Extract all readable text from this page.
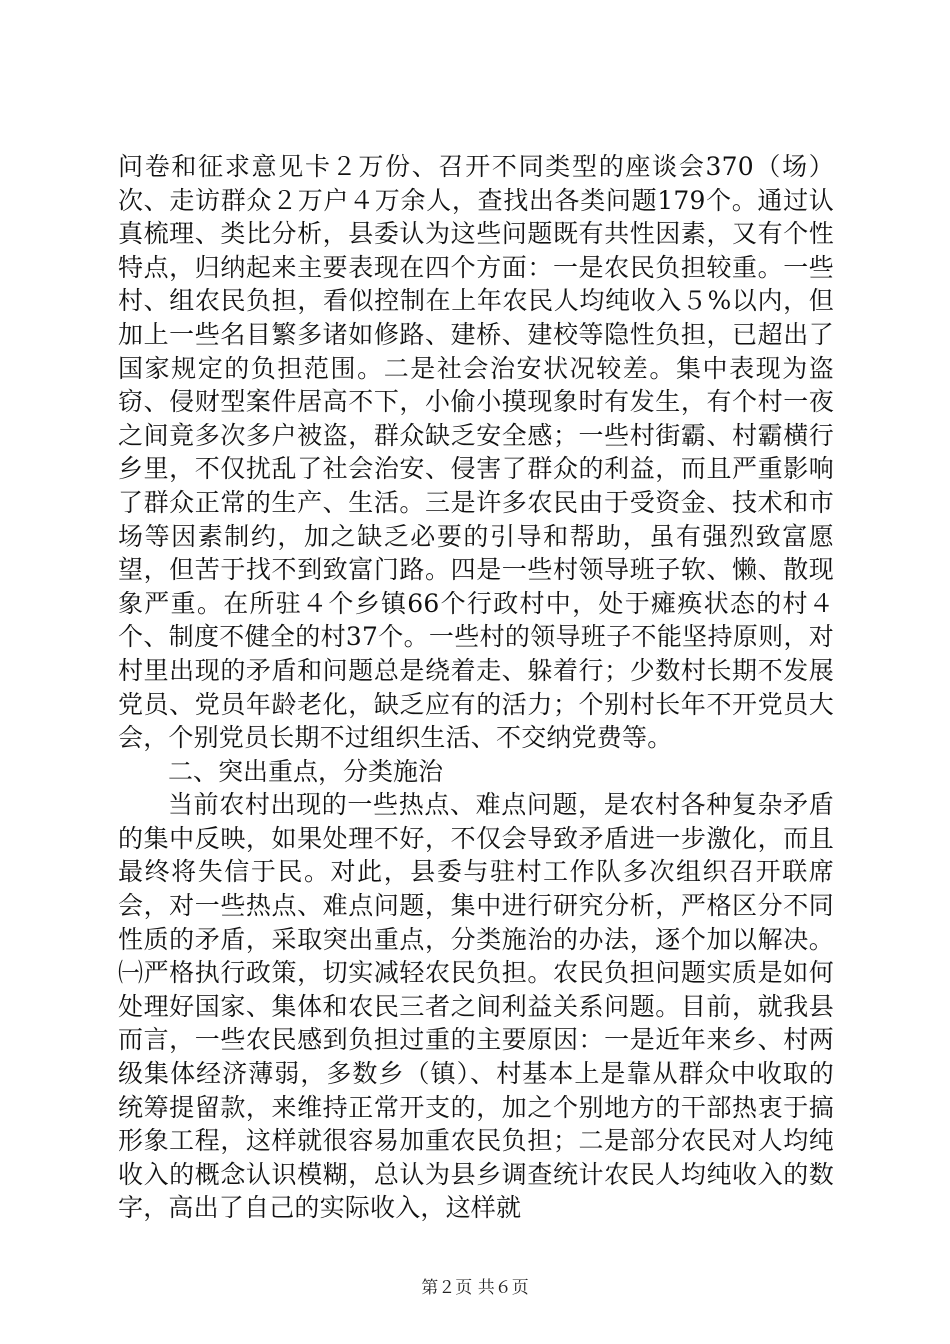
问卷和征求意见卡２万份、召开不同类型的座谈会370（场）次、走访群众２万户４万余人，查找出各类问题179个。通过认真梳理、类比分析，县委认为这些问题既有共性因素，又有个性特点，归纳起来主要表现在四个方面：一是农民负担较重。一些村、组农民负担，看似控制在上年农民人均纯收入５%以内，但加上一些名目繁多诸如修路、建桥、建校等隐性负担，已超出了国家规定的负担范围。二是社会治安状况较差。集中表现为盗窃、侵财型案件居高不下，小偷小摸现象时有发生，有个村一夜之间竟多次多户被盗，群众缺乏安全感；一些村街霸、村霸横行乡里，不仅扰乱了社会治安、侵害了群众的利益，而且严重影响了群众正常的生产、生活。三是许多农民由于受资金、技术和市场等因素制约，加之缺乏必要的引导和帮助，虽有强烈致富愿望，但苦于找不到致富门路。四是一些村领导班子软、懒、散现象严重。在所驻４个乡镇66个行政村中，处于瘫痪状态的村４个、制度不健全的村37个。一些村的领导班子不能坚持原则，对村里出现的矛盾和问题总是绕着走、躲着行；少数村长期不发展党员、党员年龄老化，缺乏应有的活力；个别村长年不开党员大会，个别党员长期不过组织生活、不交纳党费等。

二、突出重点，分类施治

当前农村出现的一些热点、难点问题，是农村各种复杂矛盾的集中反映，如果处理不好，不仅会导致矛盾进一步激化，而且最终将失信于民。对此，县委与驻村工作队多次组织召开联席会，对一些热点、难点问题，集中进行研究分析，严格区分不同性质的矛盾，采取突出重点，分类施治的办法，逐个加以解决。㈠严格执行政策，切实减轻农民负担。农民负担问题实质是如何处理好国家、集体和农民三者之间利益关系问题。目前，就我县而言，一些农民感到负担过重的主要原因：一是近年来乡、村两级集体经济薄弱，多数乡（镇）、村基本上是靠从群众中收取的统筹提留款，来维持正常开支的，加之个别地方的干部热衷于搞形象工程，这样就很容易加重农民负担；二是部分农民对人均纯收入的概念认识模糊，总认为县乡调查统计农民人均纯收入的数字，高出了自己的实际收入，这样就

第２页 共６页
